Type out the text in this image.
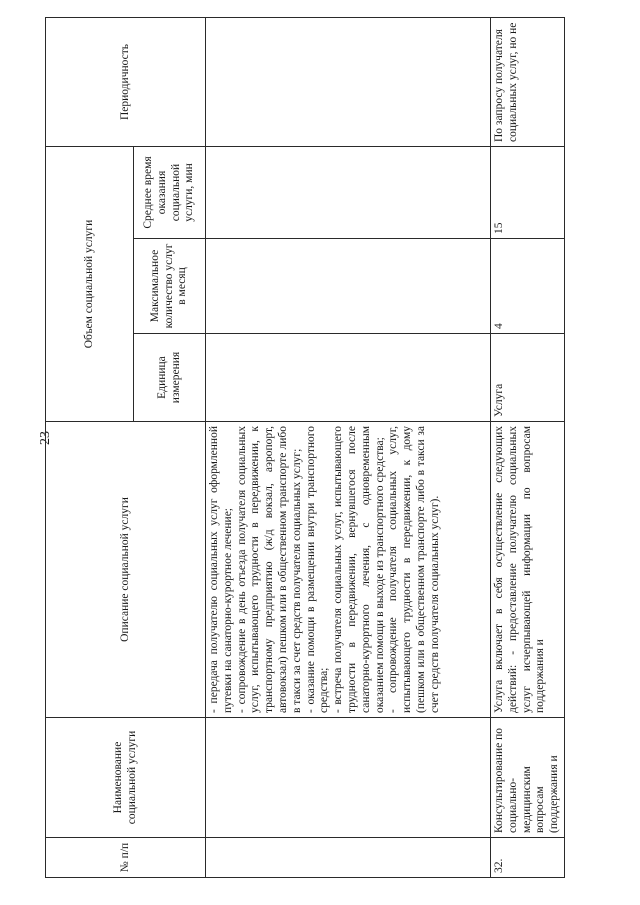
23
№ п/п	Наименование социальной услуги	Описание социальной услуги	Объем социальной услуги			Периодичность
			Единица измерения	Максимальное количество услуг в месяц	Среднее время оказания социальной услуги, мин	

		- передача получателю социальных услуг оформленной путевки на санаторно-курортное лечение; - сопровождение в день отъезда получателя социальных услуг, испытывающего трудности в передвижении, к транспортному предприятию (ж/д вокзал, аэропорт, автовокзал) пешком или в общественном транспорте либо в такси за счет средств получателя социальных услуг; - оказание помощи в размещении внутри транспортного средства; - встреча получателя социальных услуг, испытывающего трудности в передвижении, вернувшегося после санаторно-курортного лечения, с одновременным оказанием помощи в выходе из транспортного средства; - сопровождение получателя социальных услуг, испытывающего трудности в передвижении, к дому (пешком или в общественном транспорте либо в такси за счет средств получателя социальных услуг).				

32.	Консультирование по социально-медицинским вопросам (поддержания и	Услуга включает в себя осуществление следующих действий: - предоставление получателю социальных услуг исчерпывающей информации по вопросам поддержания и	Услуга	4	15	По запросу получателя социальных услуг, но не
